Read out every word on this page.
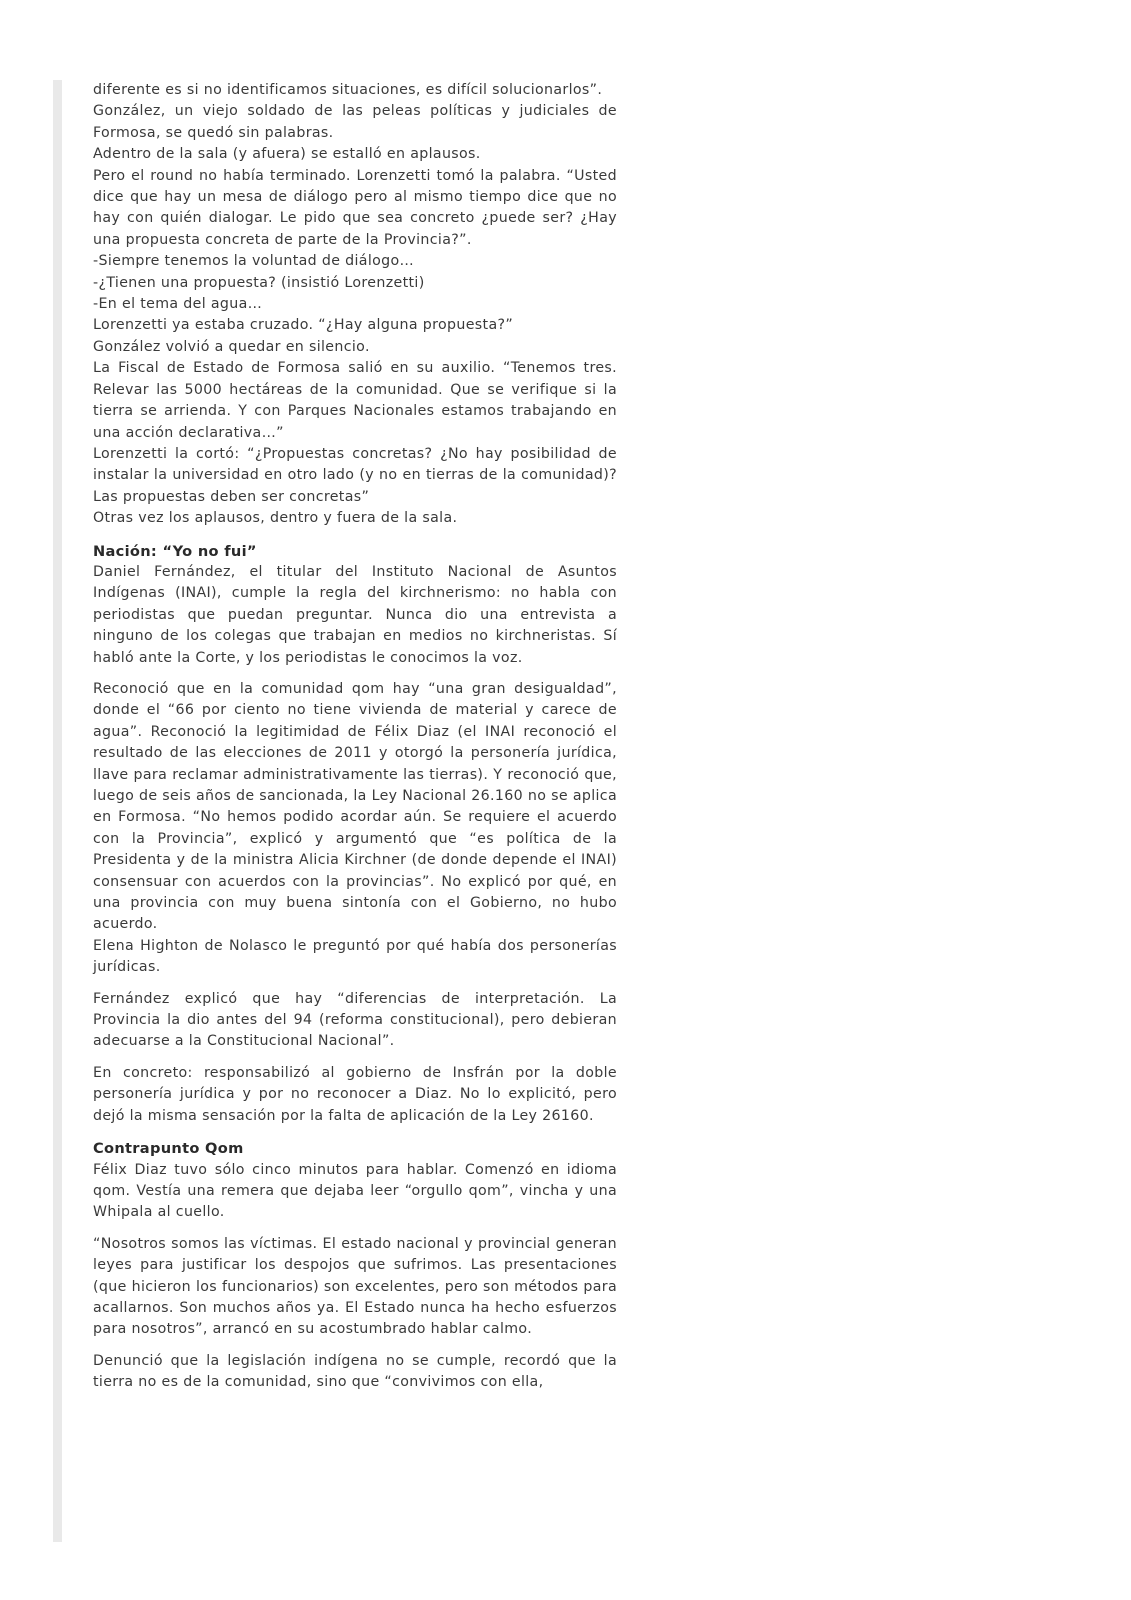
diferente es si no identificamos situaciones, es difícil solucionarlos”.

González, un viejo soldado de las peleas políticas y judiciales de Formosa, se quedó sin palabras.

Adentro de la sala (y afuera) se estalló en aplausos.

Pero el round no había terminado. Lorenzetti tomó la palabra. “Usted dice que hay un mesa de diálogo pero al mismo tiempo dice que no hay con quién dialogar. Le pido que sea concreto ¿puede ser? ¿Hay una propuesta concreta de parte de la Provincia?”.

-Siempre tenemos la voluntad de diálogo…

-¿Tienen una propuesta? (insistió Lorenzetti)

-En el tema del agua…

Lorenzetti ya estaba cruzado. “¿Hay alguna propuesta?”

González volvió a quedar en silencio.

La Fiscal de Estado de Formosa salió en su auxilio. “Tenemos tres. Relevar las 5000 hectáreas de la comunidad. Que se verifique si la tierra se arrienda. Y con Parques Nacionales estamos trabajando en una acción declarativa…”

Lorenzetti la cortó: “¿Propuestas concretas? ¿No hay posibilidad de instalar la universidad en otro lado (y no en tierras de la comunidad)? Las propuestas deben ser concretas”

Otras vez los aplausos, dentro y fuera de la sala.

Nación: “Yo no fui”

Daniel Fernández, el titular del Instituto Nacional de Asuntos Indígenas (INAI), cumple la regla del kirchnerismo: no habla con periodistas que puedan preguntar. Nunca dio una entrevista a ninguno de los colegas que trabajan en medios no kirchneristas. Sí habló ante la Corte, y los periodistas le conocimos la voz.

Reconoció que en la comunidad qom hay “una gran desigualdad”, donde el “66 por ciento no tiene vivienda de material y carece de agua”. Reconoció la legitimidad de Félix Diaz (el INAI reconoció el resultado de las elecciones de 2011 y otorgó la personería jurídica, llave para reclamar administrativamente las tierras). Y reconoció que, luego de seis años de sancionada, la Ley Nacional 26.160 no se aplica en Formosa. “No hemos podido acordar aún. Se requiere el acuerdo con la Provincia”, explicó y argumentó que “es política de la Presidenta y de la ministra Alicia Kirchner (de donde depende el INAI) consensuar con acuerdos con la provincias”. No explicó por qué, en una provincia con muy buena sintonía con el Gobierno, no hubo acuerdo.

Elena Highton de Nolasco le preguntó por qué había dos personerías jurídicas.

Fernández explicó que hay “diferencias de interpretación. La Provincia la dio antes del 94 (reforma constitucional), pero debieran adecuarse a la Constitucional Nacional”.

En concreto: responsabilizó al gobierno de Insfrán por la doble personería jurídica y por no reconocer a Diaz. No lo explicitó, pero dejó la misma sensación por la falta de aplicación de la Ley 26160.

Contrapunto Qom

Félix Diaz tuvo sólo cinco minutos para hablar. Comenzó en idioma qom. Vestía una remera que dejaba leer “orgullo qom”, vincha y una Whipala al cuello.

“Nosotros somos las víctimas. El estado nacional y provincial generan leyes para justificar los despojos que sufrimos. Las presentaciones (que hicieron los funcionarios) son excelentes, pero son métodos para acallarnos. Son muchos años ya. El Estado nunca ha hecho esfuerzos para nosotros”, arrancó en su acostumbrado hablar calmo.

Denunció que la legislación indígena no se cumple, recordó que la tierra no es de la comunidad, sino que “convivimos con ella,
